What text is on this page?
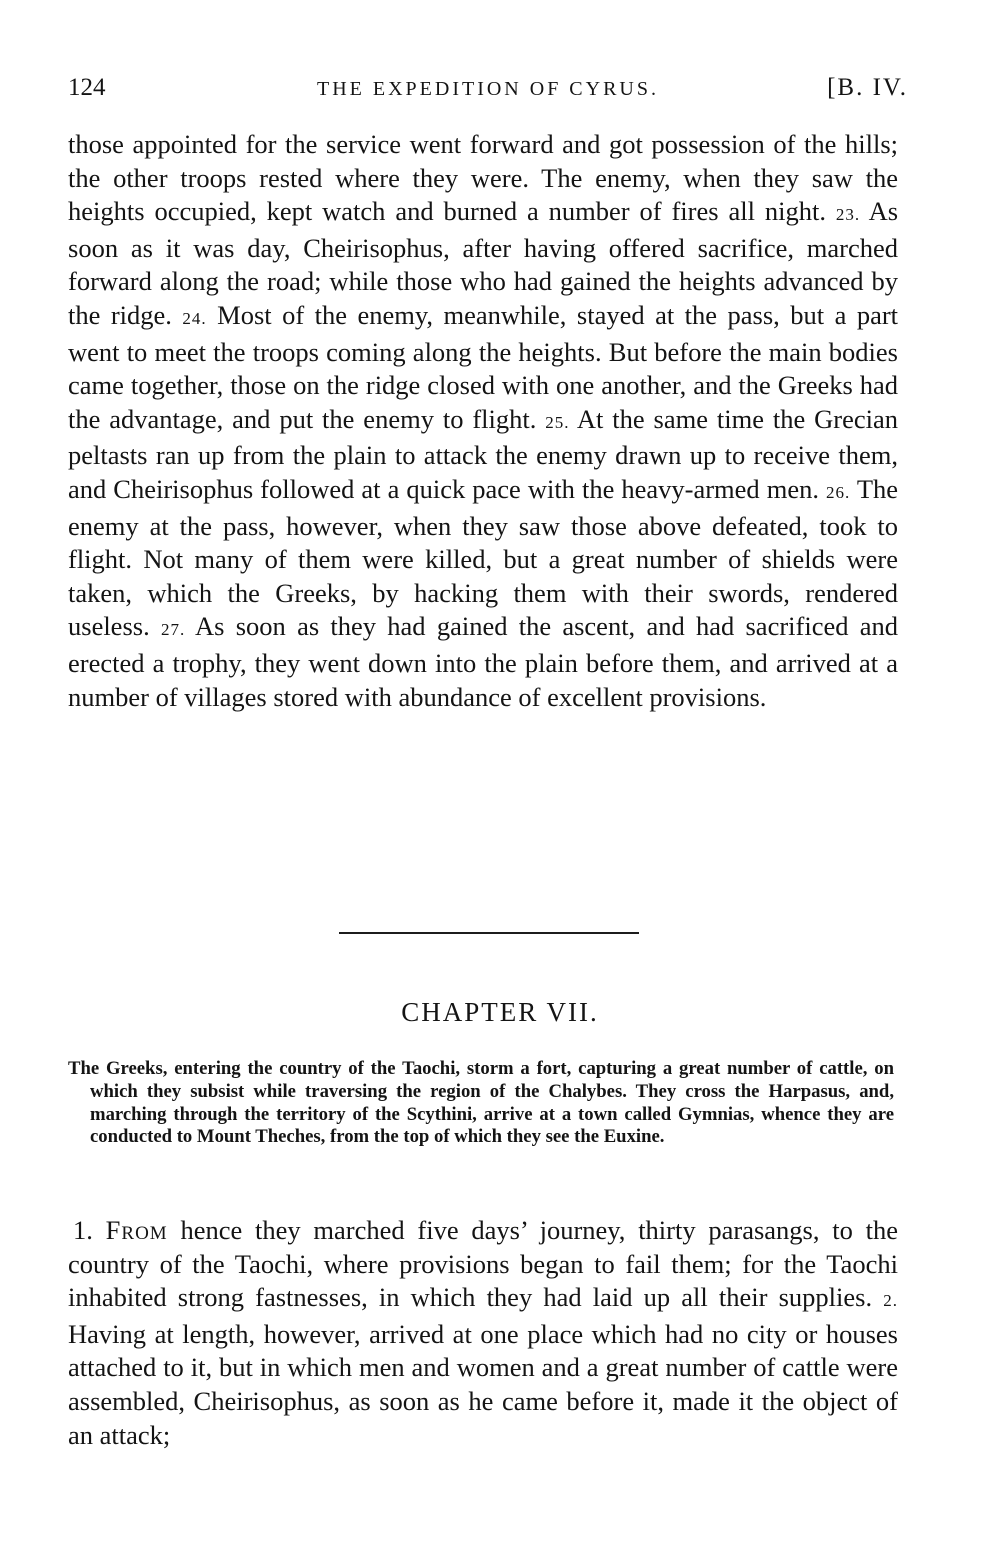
124	THE EXPEDITION OF CYRUS.	[B. IV.

those appointed for the service went forward and got possession of the hills; the other troops rested where they were. The enemy, when they saw the heights occupied, kept watch and burned a number of fires all night. 23. As soon as it was day, Cheirisophus, after having offered sacrifice, marched forward along the road; while those who had gained the heights advanced by the ridge. 24. Most of the enemy, meanwhile, stayed at the pass, but a part went to meet the troops coming along the heights. But before the main bodies came together, those on the ridge closed with one another, and the Greeks had the advantage, and put the enemy to flight. 25. At the same time the Grecian peltasts ran up from the plain to attack the enemy drawn up to receive them, and Cheirisophus followed at a quick pace with the heavy-armed men. 26. The enemy at the pass, however, when they saw those above defeated, took to flight. Not many of them were killed, but a great number of shields were taken, which the Greeks, by hacking them with their swords, rendered useless. 27. As soon as they had gained the ascent, and had sacrificed and erected a trophy, they went down into the plain before them, and arrived at a number of villages stored with abundance of excellent provisions.

CHAPTER VII.

The Greeks, entering the country of the Taochi, storm a fort, capturing a great number of cattle, on which they subsist while traversing the region of the Chalybes. They cross the Harpasus, and, marching through the territory of the Scythini, arrive at a town called Gymnias, whence they are conducted to Mount Theches, from the top of which they see the Euxine.

1. From hence they marched five days’ journey, thirty parasangs, to the country of the Taochi, where provisions began to fail them; for the Taochi inhabited strong fastnesses, in which they had laid up all their supplies. 2. Having at length, however, arrived at one place which had no city or houses attached to it, but in which men and women and a great number of cattle were assembled, Cheirisophus, as soon as he came before it, made it the object of an attack;
